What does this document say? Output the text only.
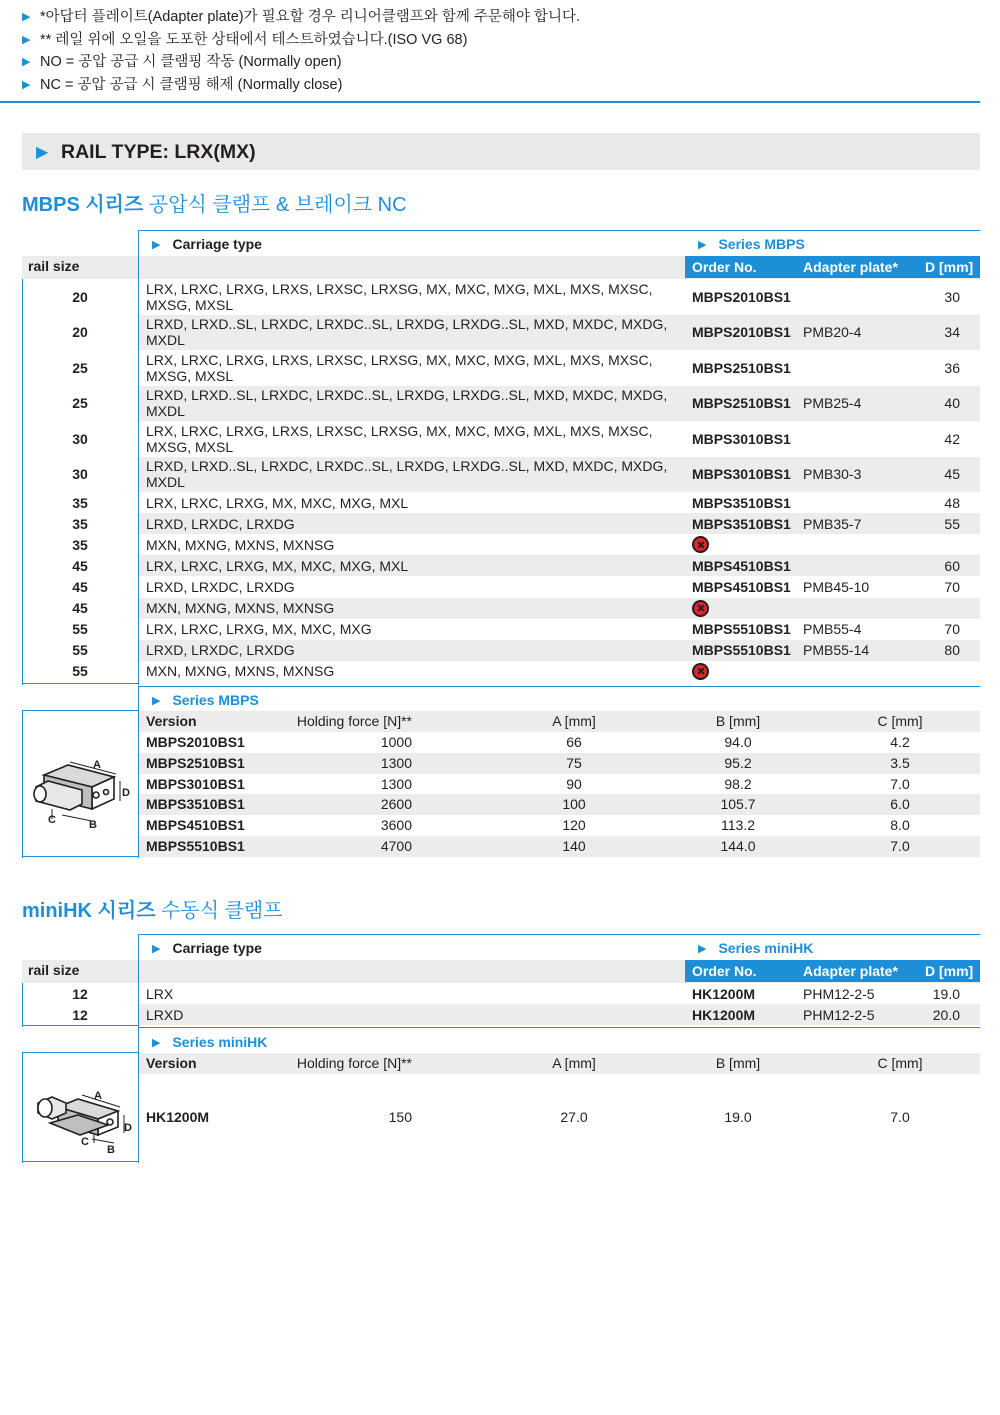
▶ *아답터 플레이트(Adapter plate)가 필요할 경우 리니어클램프와 함께 주문해야 합니다.
▶ ** 레일 위에 오일을 도포한 상태에서 테스트하였습니다.(ISO VG 68)
▶ NO = 공압 공급 시 클램핑 작동 (Normally open)
▶ NC = 공압 공급 시 클램핑 해제 (Normally close)
▶ RAIL TYPE: LRX(MX)
MBPS 시리즈 공압식 클램프 & 브레이크 NC
▶ Carriage type	▶ Series MBPS
rail size	Order No.	Adapter plate* D [mm]
20	LRX, LRXC, LRXG, LRXS, LRXSC, LRXSG, MX, MXC, MXG, MXL, MXS, MXSC, MXSG, MXSL	MBPS2010BS1	30
20	LRXD, LRXD..SL, LRXDC, LRXDC..SL, LRXDG, LRXDG..SL, MXD, MXDC, MXDG, MXDL	MBPS2010BS1 PMB20-4	34
25	LRX, LRXC, LRXG, LRXS, LRXSC, LRXSG, MX, MXC, MXG, MXL, MXS, MXSC, MXSG, MXSL	MBPS2510BS1	36
25	LRXD, LRXD..SL, LRXDC, LRXDC..SL, LRXDG, LRXDG..SL, MXD, MXDC, MXDG, MXDL	MBPS2510BS1 PMB25-4	40
30	LRX, LRXC, LRXG, LRXS, LRXSC, LRXSG, MX, MXC, MXG, MXL, MXS, MXSC, MXSG, MXSL	MBPS3010BS1	42
30	LRXD, LRXD..SL, LRXDC, LRXDC..SL, LRXDG, LRXDG..SL, MXD, MXDC, MXDG, MXDL	MBPS3010BS1 PMB30-3	45
35	LRX, LRXC, LRXG, MX, MXC, MXG, MXL	MBPS3510BS1	48
35	LRXD, LRXDC, LRXDG	MBPS3510BS1 PMB35-7	55
35	MXN, MXNG, MXNS, MXNSG
45	LRX, LRXC, LRXG, MX, MXC, MXG, MXL	MBPS4510BS1	60
45	LRXD, LRXDC, LRXDG	MBPS4510BS1 PMB45-10	70
45	MXN, MXNG, MXNS, MXNSG
55	LRX, LRXC, LRXG, MX, MXC, MXG	MBPS5510BS1 PMB55-4	70
55	LRXD, LRXDC, LRXDG	MBPS5510BS1 PMB55-14	80
55	MXN, MXNG, MXNS, MXNSG
▶ Series MBPS
Version	Holding force [N]**	A [mm]	B [mm]	C [mm]
MBPS2010BS1	1000	66	94.0	4.2
MBPS2510BS1	1300	75	95.2	3.5
MBPS3010BS1	1300	90	98.2	7.0
MBPS3510BS1	2600	100	105.7	6.0
MBPS4510BS1	3600	120	113.2	8.0
MBPS5510BS1	4700	140	144.0	7.0
A
D
C	B
miniHK 시리즈 수동식 클램프
▶ Carriage type	▶ Series miniHK
rail size	Order No.	Adapter plate* D [mm]
12	LRX	HK1200M	PHM12-2-5	19.0
12	LRXD	HK1200M	PHM12-2-5	20.0
▶ Series miniHK
Version	Holding force [N]**	A [mm]	B [mm]	C [mm]
HK1200M	150	27.0	19.0	7.0
A
D
C
B
